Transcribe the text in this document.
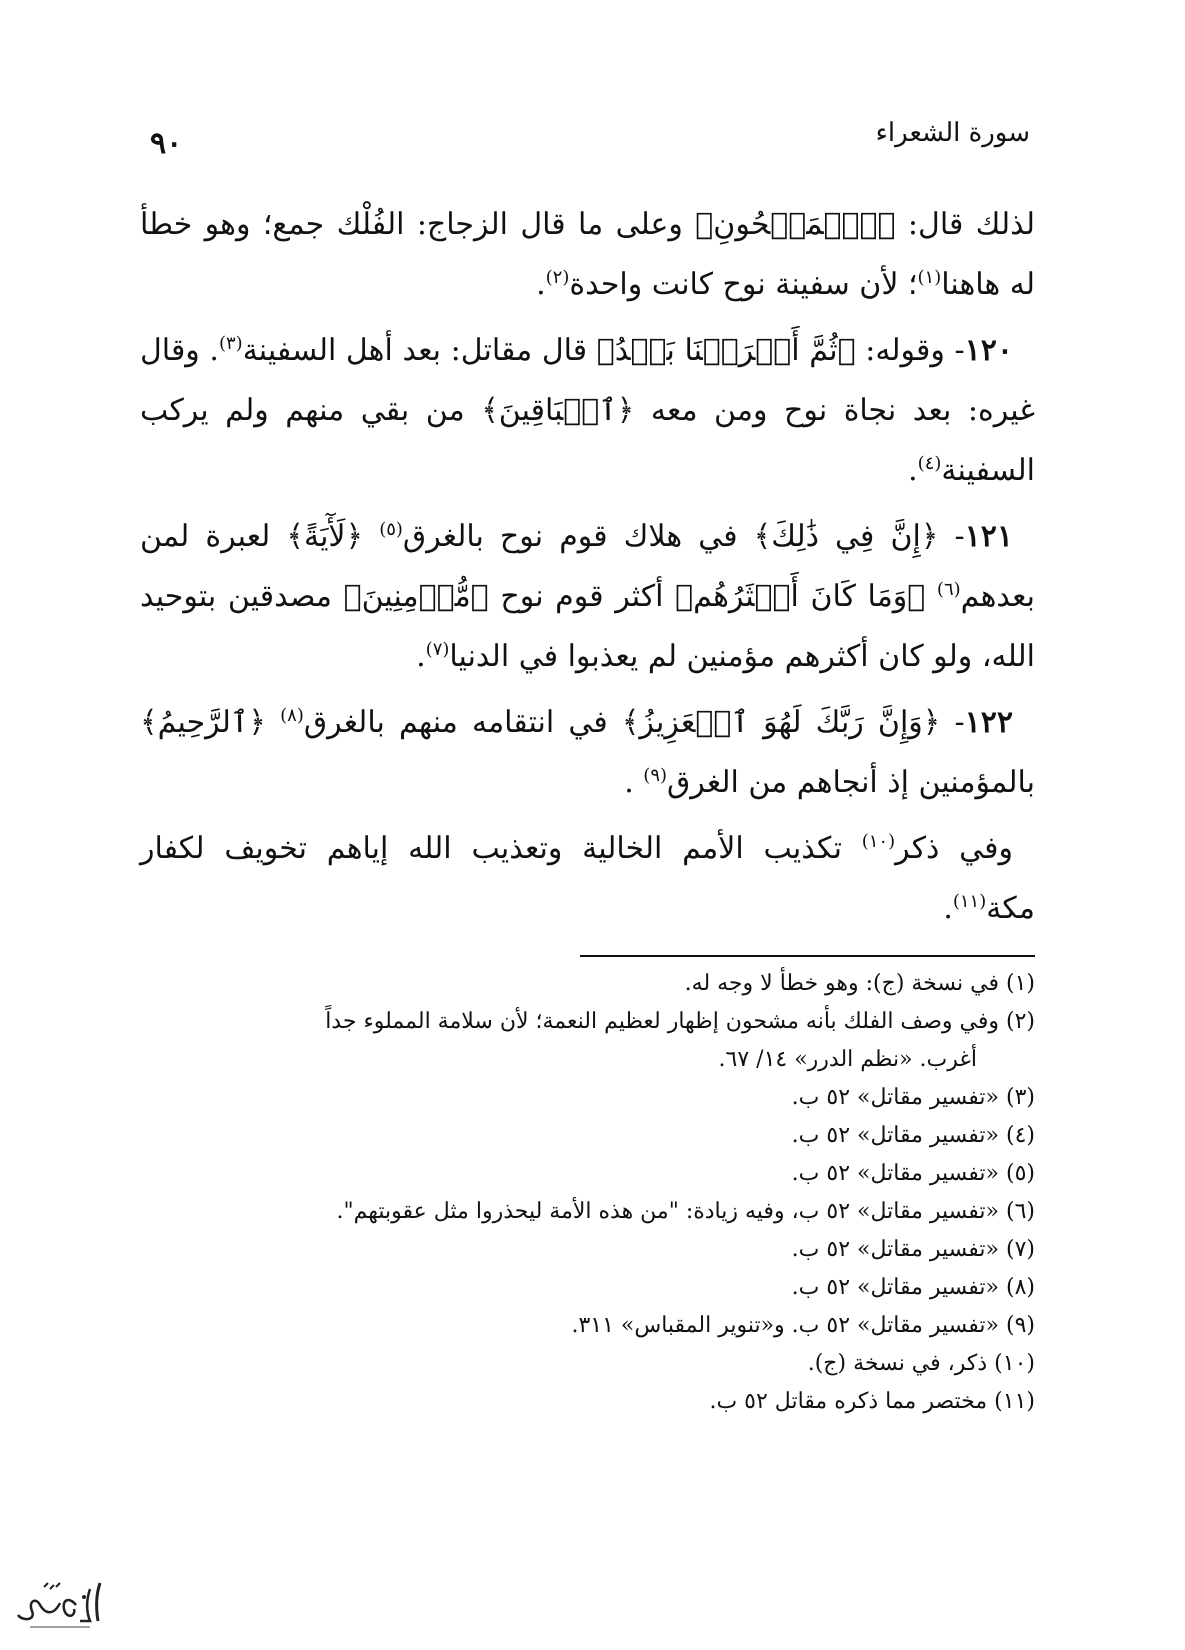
سورة الشعراء
٩٠

لذلك قال: ﴿ٱلۡمَشۡحُونِ﴾ وعلى ما قال الزجاج: الفُلْك جمع؛ وهو خطأ له هاهنا$^{(١)}$؛ لأن سفينة نوح كانت واحدة$^{(٢)}$.

١٢٠- وقوله: ﴿ثُمَّ أَغۡرَقۡنَا بَعۡدُ﴾ قال مقاتل: بعد أهل السفينة$^{(٣)}$. وقال غيره: بعد نجاة نوح ومن معه ﴿ٱلۡبَاقِينَ﴾ من بقي منهم ولم يركب السفينة$^{(٤)}$.

١٢١- ﴿إِنَّ فِي ذَٰلِكَ﴾ في هلاك قوم نوح بالغرق$^{(٥)}$ ﴿لَأٓيَةً﴾ لعبرة لمن بعدهم$^{(٦)}$ ﴿وَمَا كَانَ أَكۡثَرُهُم﴾ أكثر قوم نوح ﴿مُّؤۡمِنِينَ﴾ مصدقين بتوحيد الله، ولو كان أكثرهم مؤمنين لم يعذبوا في الدنيا$^{(٧)}$.

١٢٢- ﴿وَإِنَّ رَبَّكَ لَهُوَ ٱلۡعَزِيزُ﴾ في انتقامه منهم بالغرق$^{(٨)}$ ﴿ٱلرَّحِيمُ﴾ بالمؤمنين إذ أنجاهم من الغرق$^{(٩)}$ .

وفي ذكر$^{(١٠)}$ تكذيب الأمم الخالية وتعذيب الله إياهم تخويف لكفار مكة$^{(١١)}$.

(١) في نسخة (ج): وهو خطأ لا وجه له.

(٢) وفي وصف الفلك بأنه مشحون إظهار لعظيم النعمة؛ لأن سلامة المملوء جداً

أغرب. «نظم الدرر» ١٤/ ٦٧.

(٣) «تفسير مقاتل» ٥٢ ب.

(٤) «تفسير مقاتل» ٥٢ ب.

(٥) «تفسير مقاتل» ٥٢ ب.

(٦) «تفسير مقاتل» ٥٢ ب، وفيه زيادة: "من هذه الأمة ليحذروا مثل عقوبتهم".

(٧) «تفسير مقاتل» ٥٢ ب.

(٨) «تفسير مقاتل» ٥٢ ب.

(٩) «تفسير مقاتل» ٥٢ ب. و«تنوير المقباس» ٣١١.

(١٠) ذكر، في نسخة (ج).

(١١) مختصر مما ذكره مقاتل ٥٢ ب.
